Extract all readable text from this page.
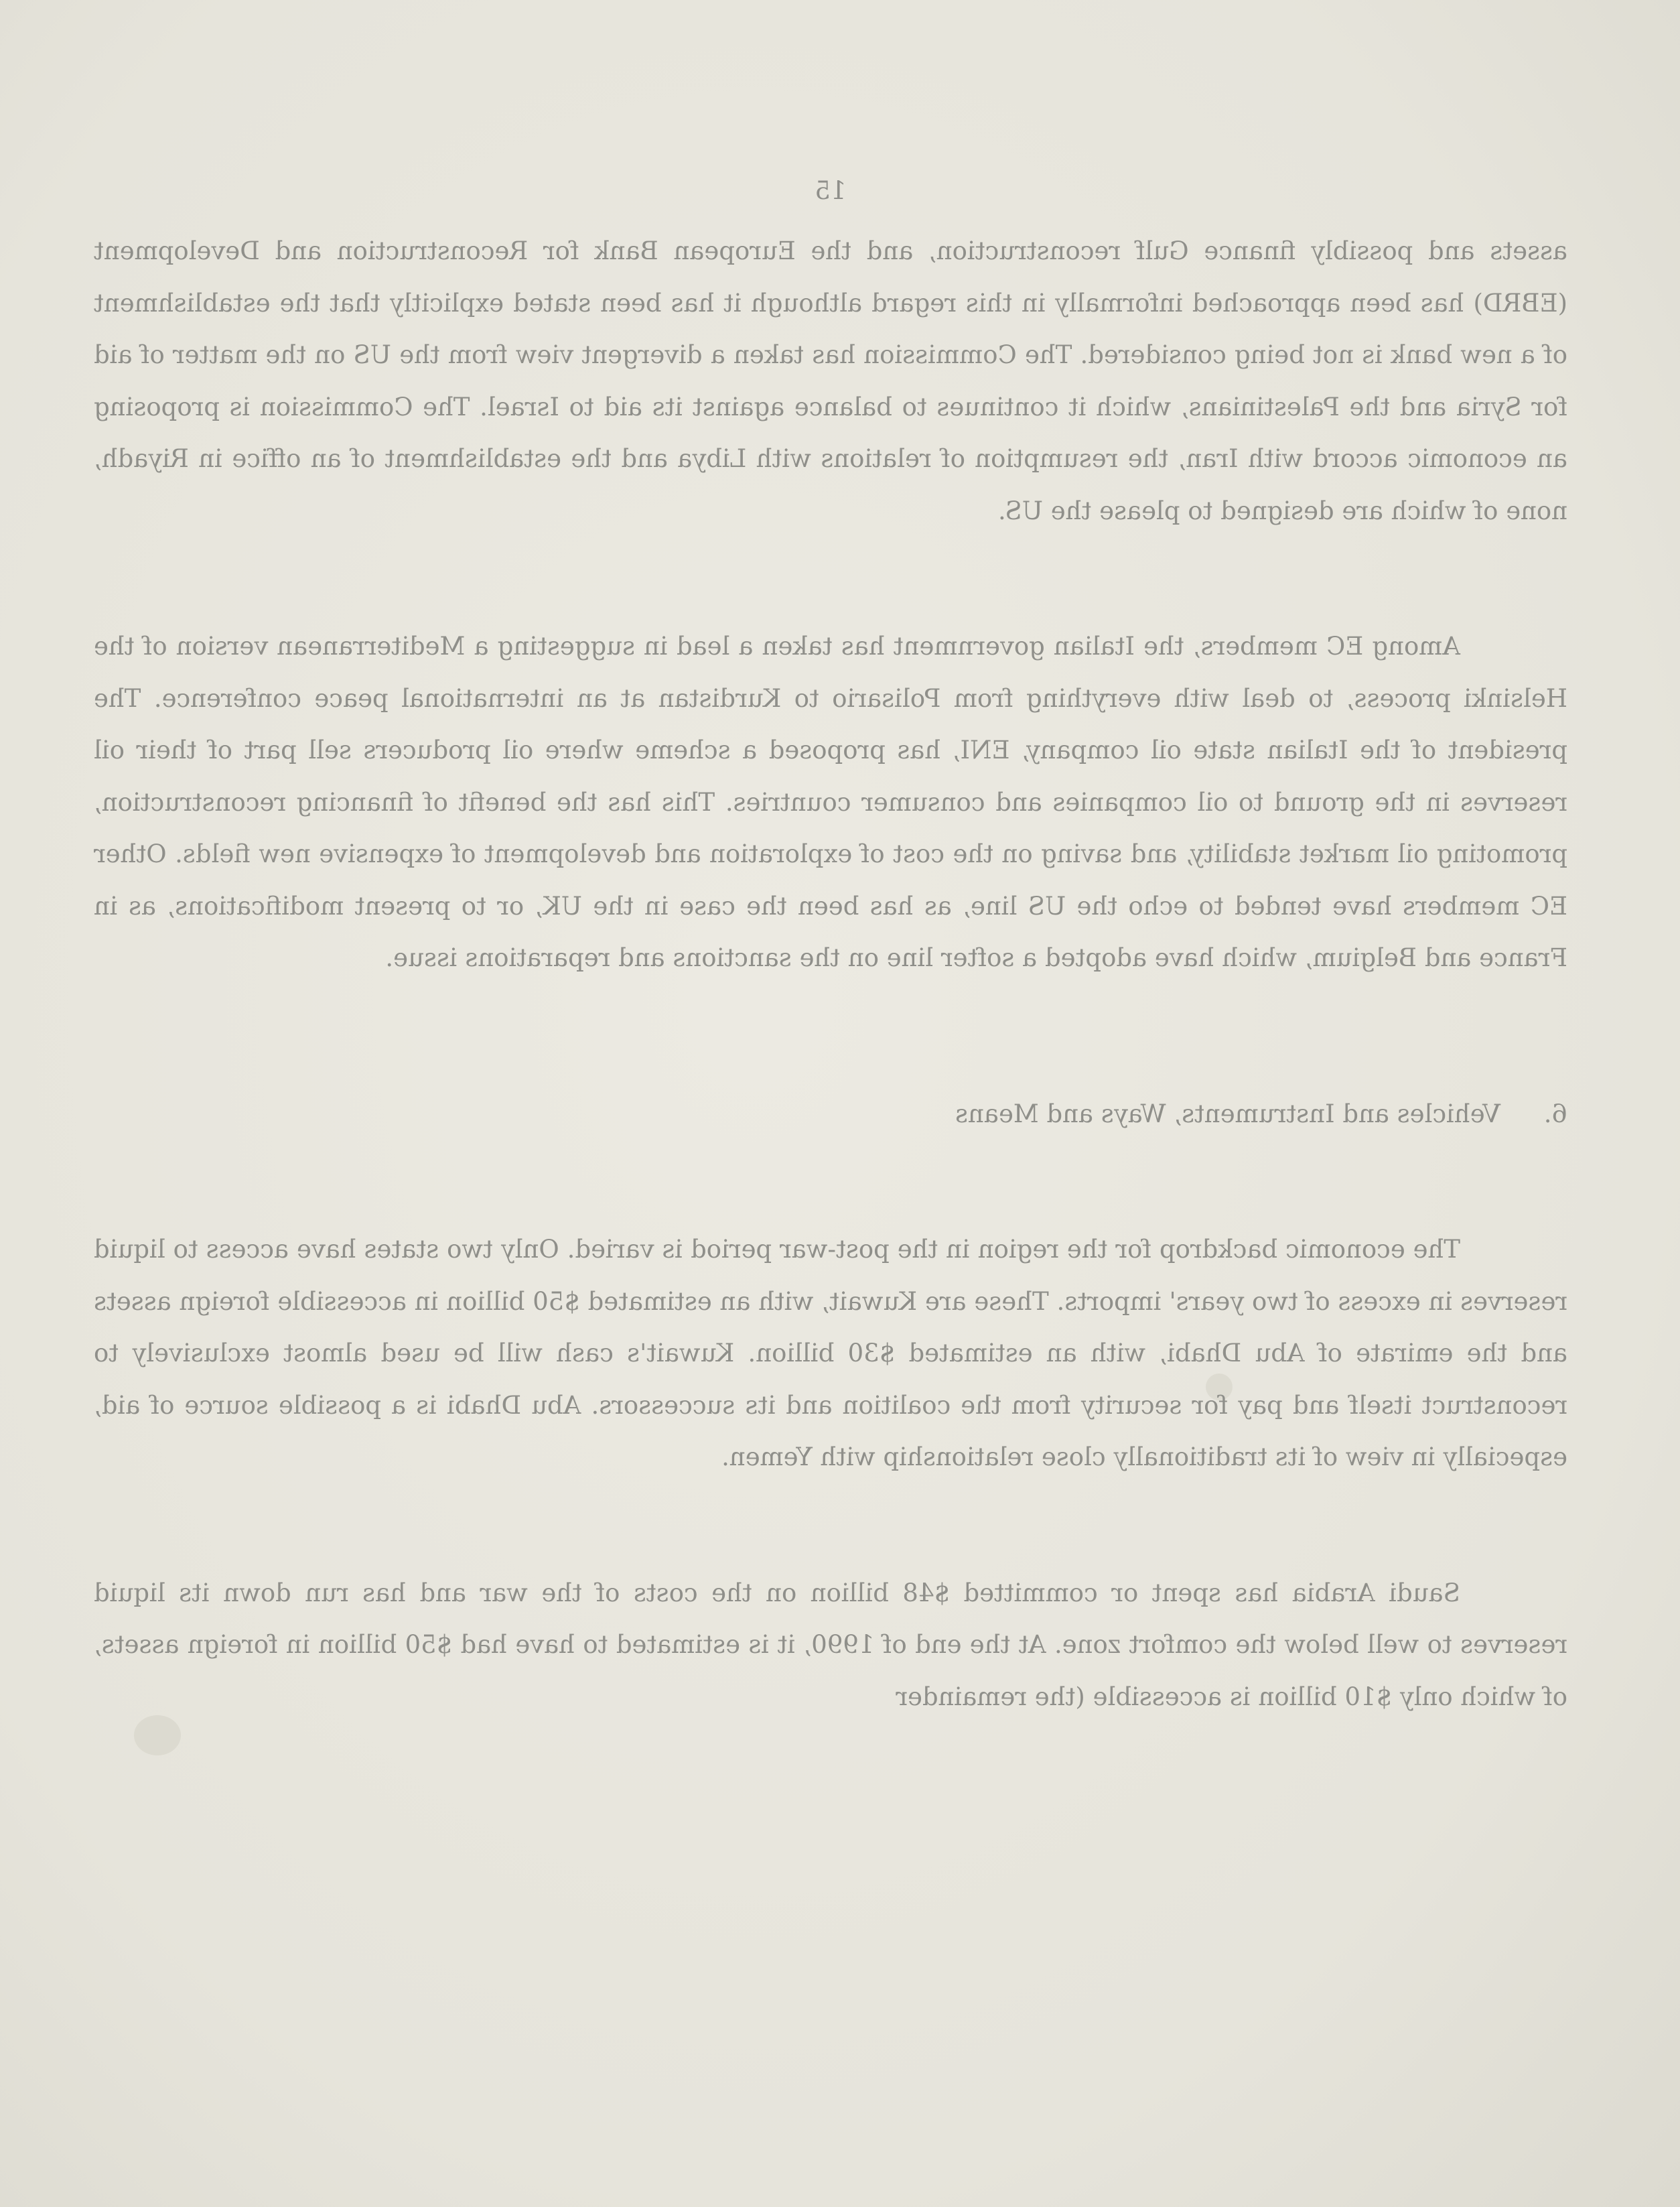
15

assets and possibly finance Gulf reconstruction, and the European Bank for Reconstruction and Development (EBRD) has been approached informally in this regard although it has been stated explicitly that the establishment of a new bank is not being considered. The Commission has taken a divergent view from the US on the matter of aid for Syria and the Palestinians, which it continues to balance against its aid to Israel. The Commission is proposing an economic accord with Iran, the resumption of relations with Libya and the establishment of an office in Riyadh, none of which are designed to please the US.

Among EC members, the Italian government has taken a lead in suggesting a Mediterranean version of the Helsinki process, to deal with everything from Polisario to Kurdistan at an international peace conference. The president of the Italian state oil company, ENI, has proposed a scheme where oil producers sell part of their oil reserves in the ground to oil companies and consumer countries. This has the benefit of financing reconstruction, promoting oil market stability, and saving on the cost of exploration and development of expensive new fields. Other EC members have tended to echo the US line, as has been the case in the UK, or to present modifications, as in France and Belgium, which have adopted a softer line on the sanctions and reparations issue.

6.Vehicles and Instruments, Ways and Means

The economic backdrop for the region in the post-war period is varied. Only two states have access to liquid reserves in excess of two years' imports. These are Kuwait, with an estimated $50 billion in accessible foreign assets and the emirate of Abu Dhabi, with an estimated $30 billion. Kuwait's cash will be used almost exclusively to reconstruct itself and pay for security from the coalition and its successors. Abu Dhabi is a possible source of aid, especially in view of its traditionally close relationship with Yemen.

Saudi Arabia has spent or committed $48 billion on the costs of the war and has run down its liquid reserves to well below the comfort zone. At the end of 1990, it is estimated to have had $50 billion in foreign assets, of which only $10 billion is accessible (the remainder
